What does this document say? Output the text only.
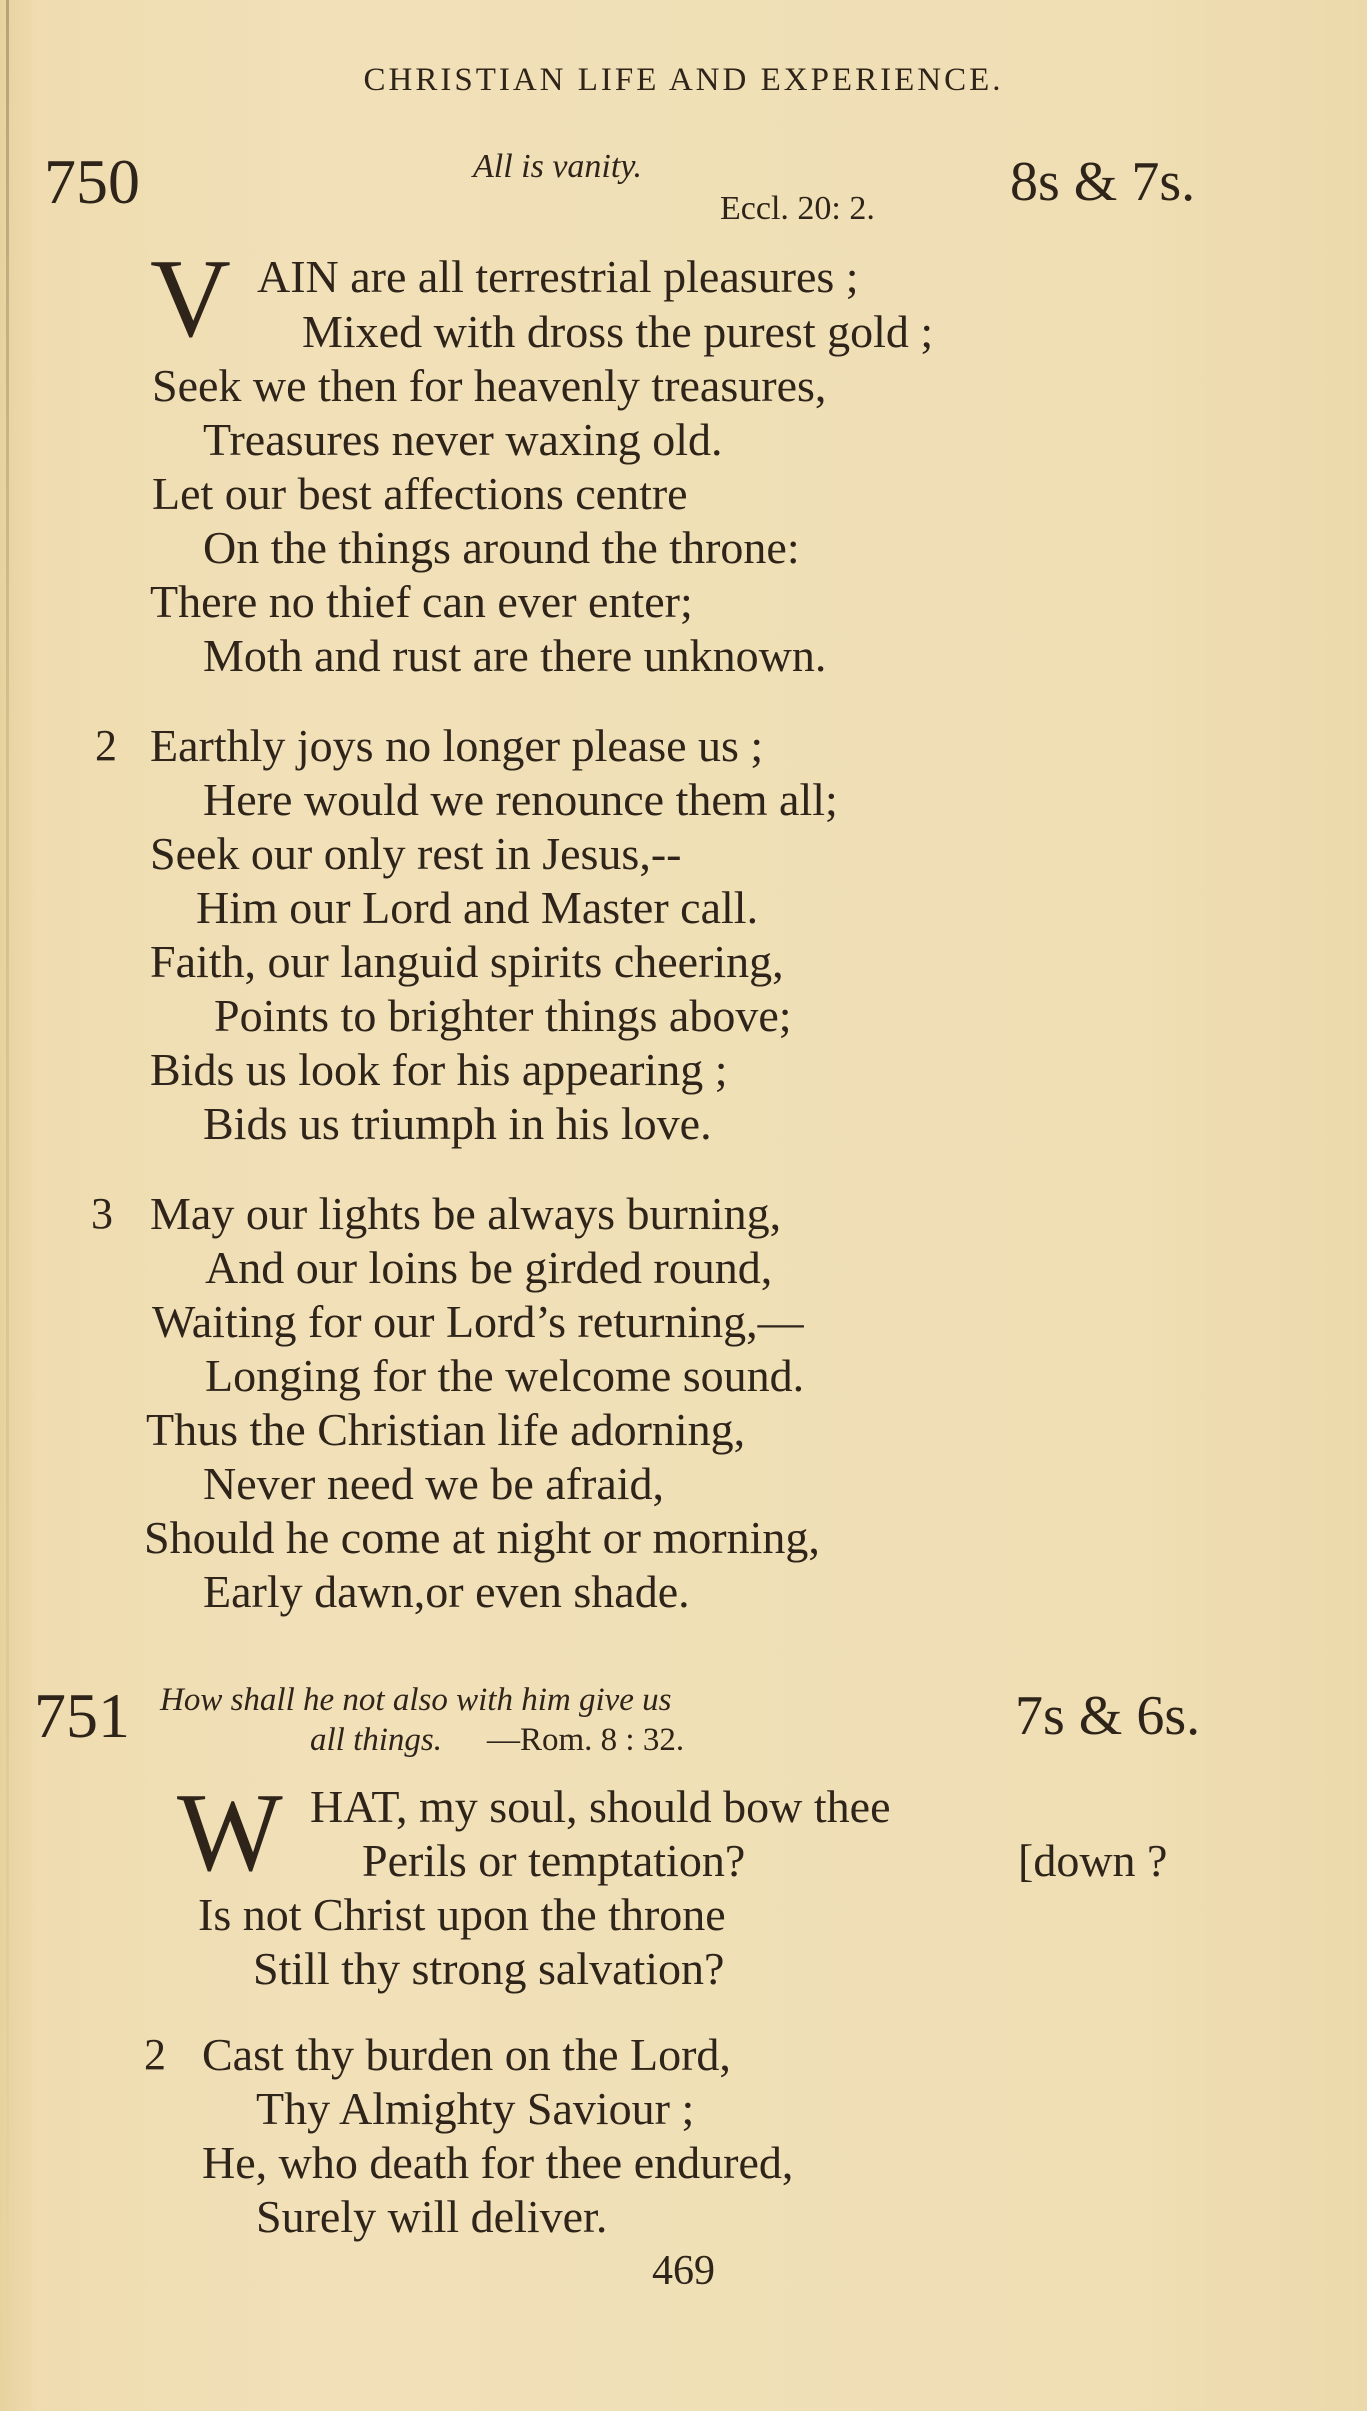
CHRISTIAN LIFE AND EXPERIENCE.
750	All is vanity.
Eccl. 20: 2. 8s & 7s.
V AIN are all terrestrial pleasures ;
Mixed with dross the purest gold ;
Seek we then for heavenly treasures,
Treasures never waxing old.
Let our best affections centre
On the things around the throne:
There no thief can ever enter;
Moth and rust are there unknown.
2 Earthly joys no longer please us ;
Here would we renounce them all;
Seek our only rest in Jesus,--
Him our Lord and Master call.
Faith, our languid spirits cheering,
Points to brighter things above;
Bids us look for his appearing ;
Bids us triumph in his love.
3 May our lights be always burning,
And our loins be girded round,
Waiting for our Lord’s returning,—
Longing for the welcome sound.
Thus the Christian life adorning,
Never need we be afraid,
Should he come at night or morning,
Early dawn,or even shade.
751 How shall he not also with him give us
all things. —Rom. 8 : 32.	7s & 6s.
W HAT, my soul, should bow thee
Perils or temptation?	[down ?
Is not Christ upon the throne
Still thy strong salvation?
2 Cast thy burden on the Lord,
Thy Almighty Saviour ;
He, who death for thee endured,
Surely will deliver.
469
